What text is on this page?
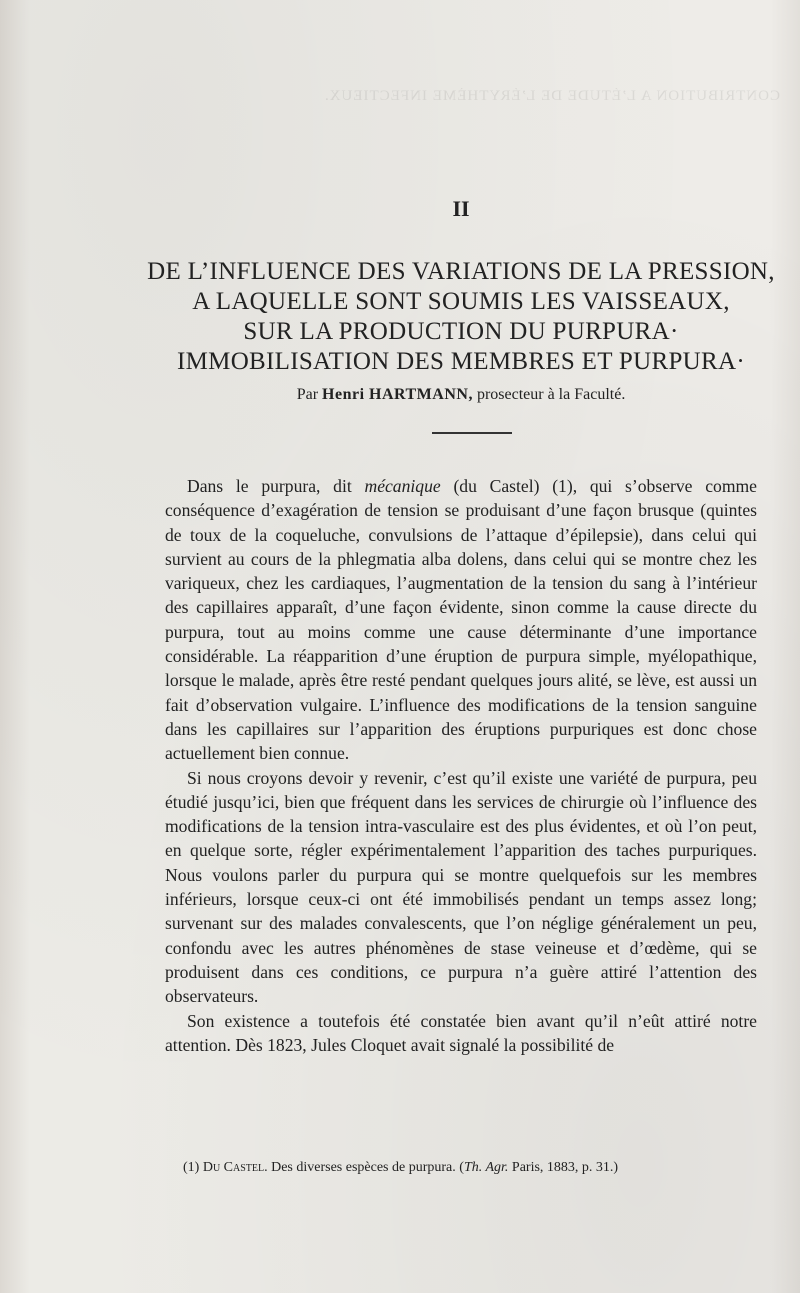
CONTRIBUTION A L’ÉTUDE DE L’ÉRYTHÈME INFECTIEUX.
II
DE L’INFLUENCE DES VARIATIONS DE LA PRESSION,
A LAQUELLE SONT SOUMIS LES VAISSEAUX,
SUR LA PRODUCTION DU PURPURA·
IMMOBILISATION DES MEMBRES ET PURPURA·
Par Henri HARTMANN, prosecteur à la Faculté.

Dans le purpura, dit mécanique (du Castel) (1), qui s’observe comme conséquence d’exagération de tension se produisant d’une façon brusque (quintes de toux de la coqueluche, convulsions de l’attaque d’épilepsie), dans celui qui survient au cours de la phlegmatia alba dolens, dans celui qui se montre chez les variqueux, chez les cardiaques, l’augmentation de la tension du sang à l’intérieur des capillaires apparaît, d’une façon évidente, sinon comme la cause directe du purpura, tout au moins comme une cause déterminante d’une importance considérable. La réapparition d’une éruption de purpura simple, myélopathique, lorsque le malade, après être resté pendant quelques jours alité, se lève, est aussi un fait d’observation vulgaire. L’influence des modifications de la tension sanguine dans les capillaires sur l’apparition des éruptions purpuriques est donc chose actuellement bien connue.

Si nous croyons devoir y revenir, c’est qu’il existe une variété de purpura, peu étudié jusqu’ici, bien que fréquent dans les services de chirurgie où l’influence des modifications de la tension intra-vasculaire est des plus évidentes, et où l’on peut, en quelque sorte, régler expérimentalement l’apparition des taches purpuriques. Nous voulons parler du purpura qui se montre quelquefois sur les membres inférieurs, lorsque ceux-ci ont été immobilisés pendant un temps assez long; survenant sur des malades convalescents, que l’on néglige généralement un peu, confondu avec les autres phénomènes de stase veineuse et d’œdème, qui se produisent dans ces conditions, ce purpura n’a guère attiré l’attention des observateurs.

Son existence a toutefois été constatée bien avant qu’il n’eût attiré notre attention. Dès 1823, Jules Cloquet avait signalé la possibilité de

(1) Du Castel. Des diverses espèces de purpura. (Th. Agr. Paris, 1883, p. 31.)
